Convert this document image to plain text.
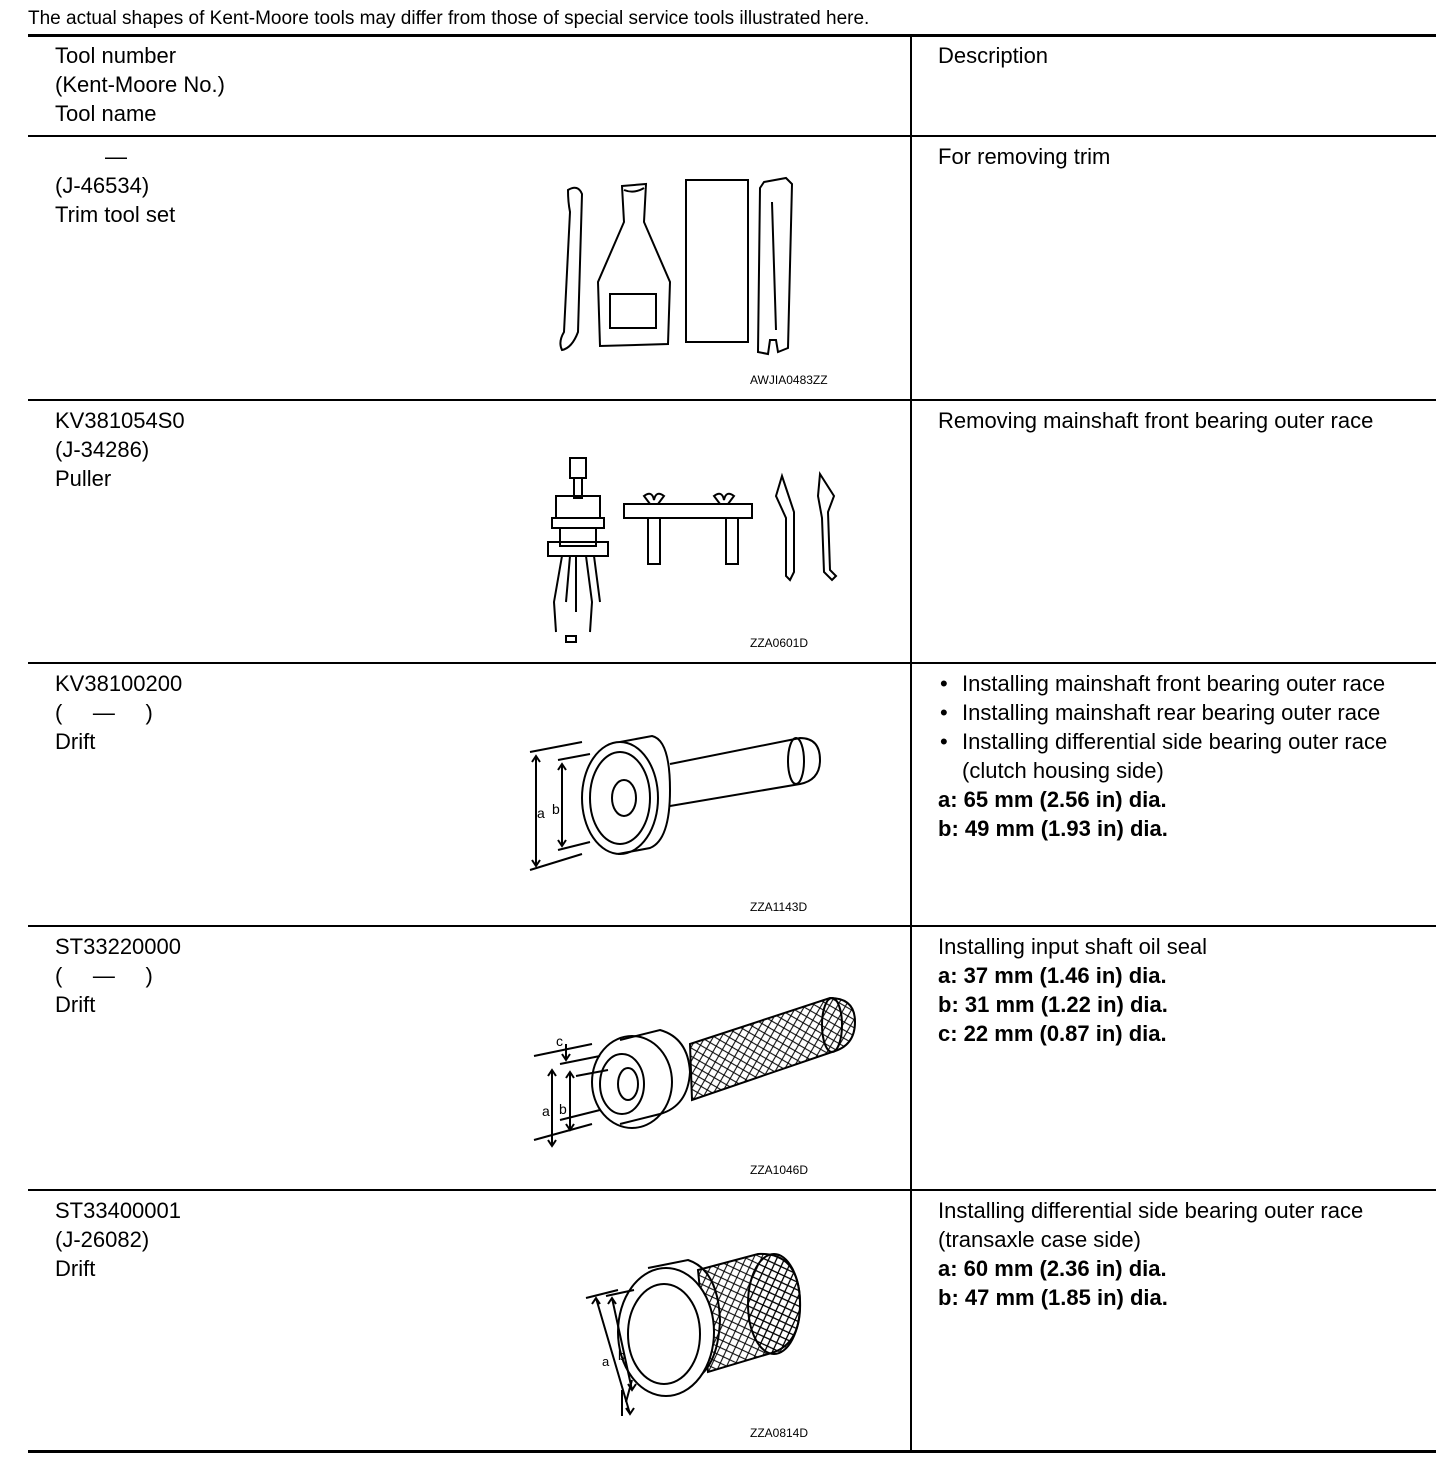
The actual shapes of Kent-Moore tools may differ from those of special service tools illustrated here.
Tool number
(Kent-Moore No.)
Tool name
Description
—
(J-46534)
Trim tool set
For removing trim
AWJIA0483ZZ
KV381054S0
(J-34286)
Puller
Removing mainshaft front bearing outer race
ZZA0601D
KV38100200
(     —     )
Drift
• Installing mainshaft front bearing outer race
• Installing mainshaft rear bearing outer race
• Installing differential side bearing outer race (clutch housing side)
a: 65 mm (2.56 in) dia.
b: 49 mm (1.93 in) dia.
a b
ZZA1143D
ST33220000
(     —     )
Drift
Installing input shaft oil seal
a: 37 mm (1.46 in) dia.
b: 31 mm (1.22 in) dia.
c: 22 mm (0.87 in) dia.
a b
c
ZZA1046D
ST33400001
(J-26082)
Drift
Installing differential side bearing outer race
(transaxle case side)
a: 60 mm (2.36 in) dia.
b: 47 mm (1.85 in) dia.
a b
ZZA0814D
